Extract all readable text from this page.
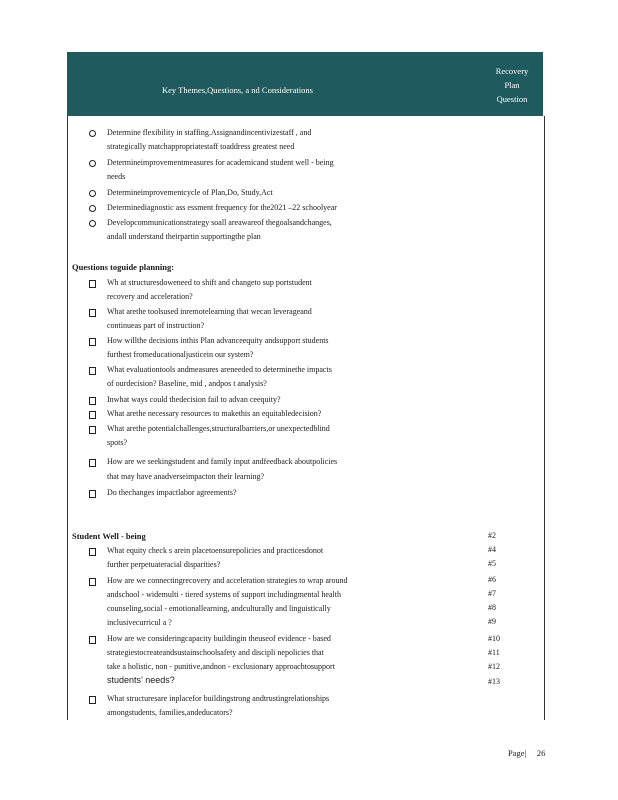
Key Themes,Questions, a nd Considerations
Recovery
Plan
Question
Determine flexibility in staffing.Assignandincentivizestaff , and
strategically matchappropriatestaff toaddress greatest need
Determineimprovementmeasures for academicand student well - being
needs
Determineimprovementcycle of Plan,Do, Study,Act
Determinediagnostic ass essment frequency for the2021 –22 schoolyear
Developcommunicationstrategy soall areawareof thegoalsandchanges,
andall understand theirpartin supportingthe plan
Questions toguide planning:
Wh at structuresdoweneed to shift and changeto sup portstudent
recovery and acceleration?
What arethe toolsused inremotelearning that wecan leverageand
continueas part of instruction?
How willthe decisions inthis Plan advanceequity andsupport students
furthest fromeducationaljusticein our system?
What evaluationtools andmeasures areneeded to determinethe impacts
of ourdecision? Baseline, mid , andpos t analysis?
Inwhat ways could thedecision fail to advan ceequity?
What arethe necessary resources to makethis an equitabledecision?
What arethe potentialchallenges,structuralbarriers,or unexpectedblind
spots?
How are we seekingstudent and family input andfeedback aboutpolicies
that may have anadverseimpacton their learning?
Do thechanges impactlabor agreements?
Student Well - being
What equity check s arein placetoensurepolicies and practicesdonot
further perpetuateracial disparities?
How are we connectingrecovery and acceleration strategies to wrap around
andschool - widemulti - tiered systems of support includingmental health
counseling,social - emotionallearning, andculturally and linguistically
inclusivecurricul a ?
How are we consideringcapacity buildingin theuseof evidence - based
strategiestocreateandsustainschoolsafety and discipli nepolicies that
take a holistic, non - punitive,andnon - exclusionary approachtosupport
students’ needs?
What structuresare inplacefor buildingstrong andtrustingrelationships
amongstudents, families,andeducators?
#2
#4
#5
#6
#7
#8
#9
#10
#11
#12
#13
Page| 26
